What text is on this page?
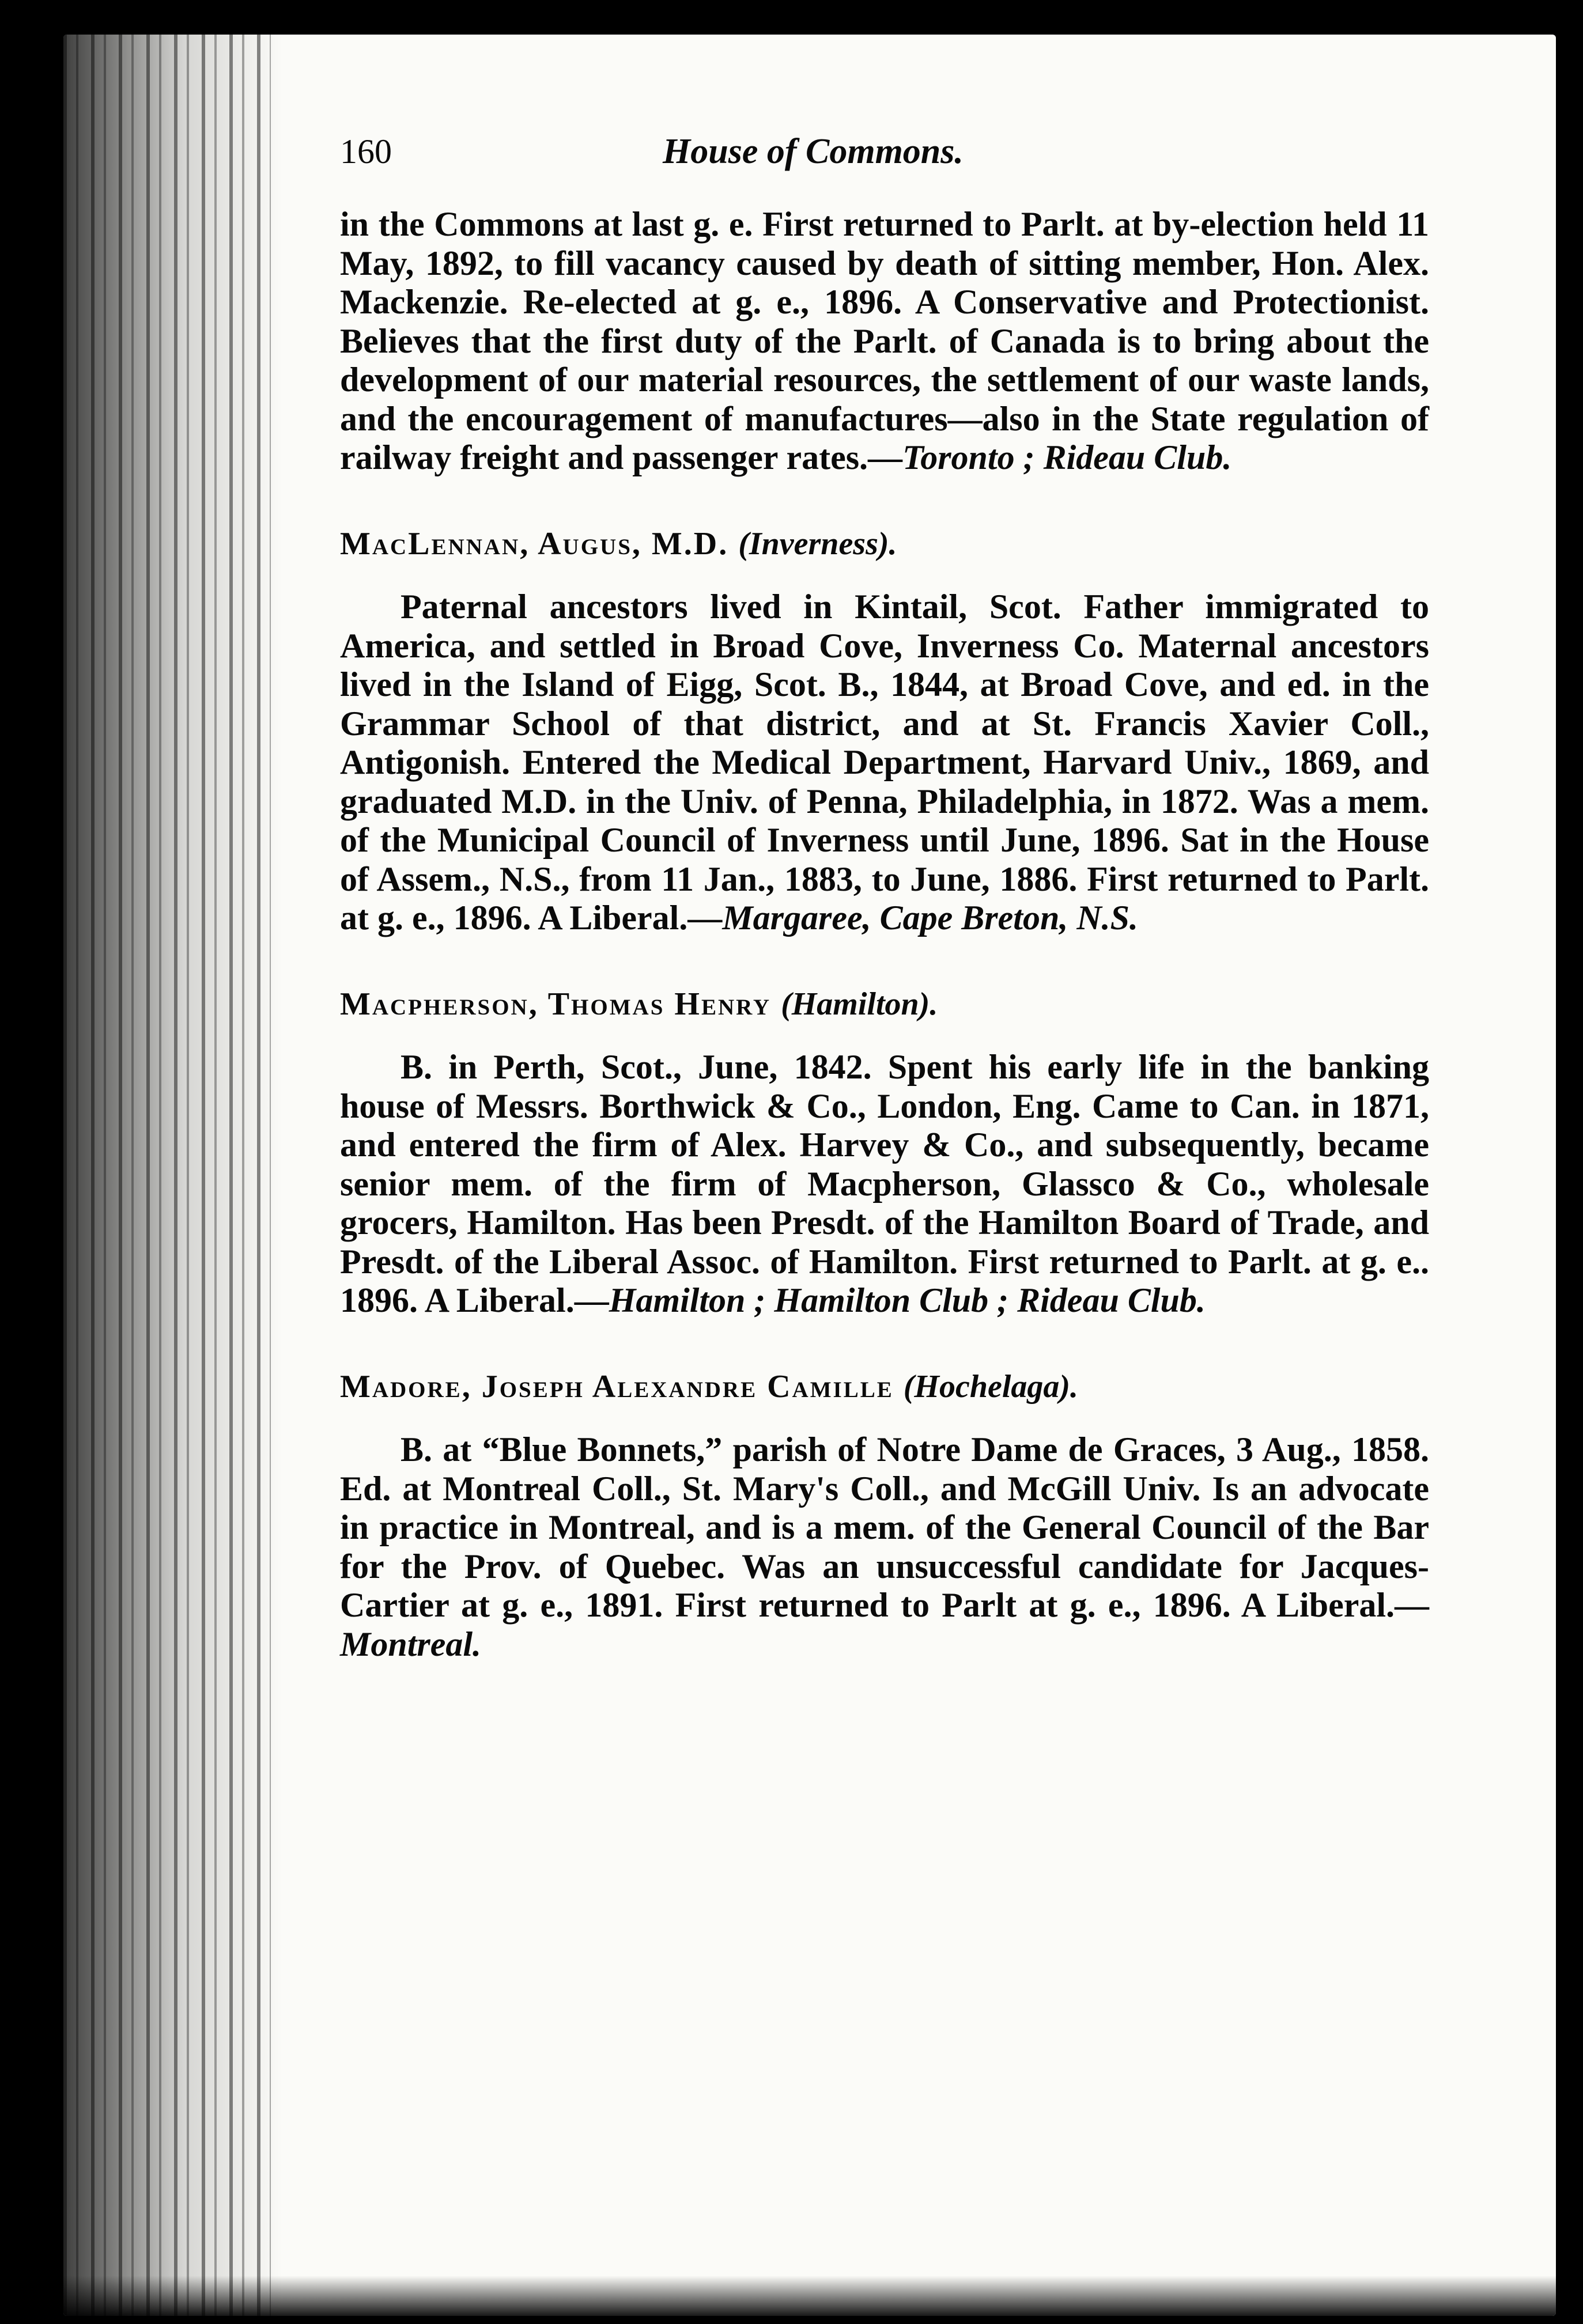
160	House of Commons.

in the Commons at last g. e. First returned to Parlt. at by-election held 11 May, 1892, to fill vacancy caused by death of sitting member, Hon. Alex. Mackenzie. Re-elected at g. e., 1896. A Conservative and Protectionist. Believes that the first duty of the Parlt. of Canada is to bring about the development of our material resources, the settlement of our waste lands, and the encouragement of manufactures—also in the State regulation of railway freight and passenger rates.—Toronto ; Rideau Club.

MacLennan, Augus, M.D. (Inverness).

Paternal ancestors lived in Kintail, Scot. Father immigrated to America, and settled in Broad Cove, Inverness Co. Maternal ancestors lived in the Island of Eigg, Scot. B., 1844, at Broad Cove, and ed. in the Grammar School of that district, and at St. Francis Xavier Coll., Antigonish. Entered the Medical Department, Harvard Univ., 1869, and graduated M.D. in the Univ. of Penna, Philadelphia, in 1872. Was a mem. of the Municipal Council of Inverness until June, 1896. Sat in the House of Assem., N.S., from 11 Jan., 1883, to June, 1886. First returned to Parlt. at g. e., 1896. A Liberal.—Margaree, Cape Breton, N.S.

Macpherson, Thomas Henry (Hamilton).

B. in Perth, Scot., June, 1842. Spent his early life in the banking house of Messrs. Borthwick & Co., London, Eng. Came to Can. in 1871, and entered the firm of Alex. Harvey & Co., and subsequently, became senior mem. of the firm of Macpherson, Glassco & Co., wholesale grocers, Hamilton. Has been Presdt. of the Hamilton Board of Trade, and Presdt. of the Liberal Assoc. of Hamilton. First returned to Parlt. at g. e.. 1896. A Liberal.—Hamilton ; Hamilton Club ; Rideau Club.

Madore, Joseph Alexandre Camille (Hochelaga).

B. at “Blue Bonnets,” parish of Notre Dame de Graces, 3 Aug., 1858. Ed. at Montreal Coll., St. Mary's Coll., and McGill Univ. Is an advocate in practice in Montreal, and is a mem. of the General Council of the Bar for the Prov. of Quebec. Was an unsuccessful candidate for Jacques-Cartier at g. e., 1891. First returned to Parlt at g. e., 1896. A Liberal.—Montreal.
